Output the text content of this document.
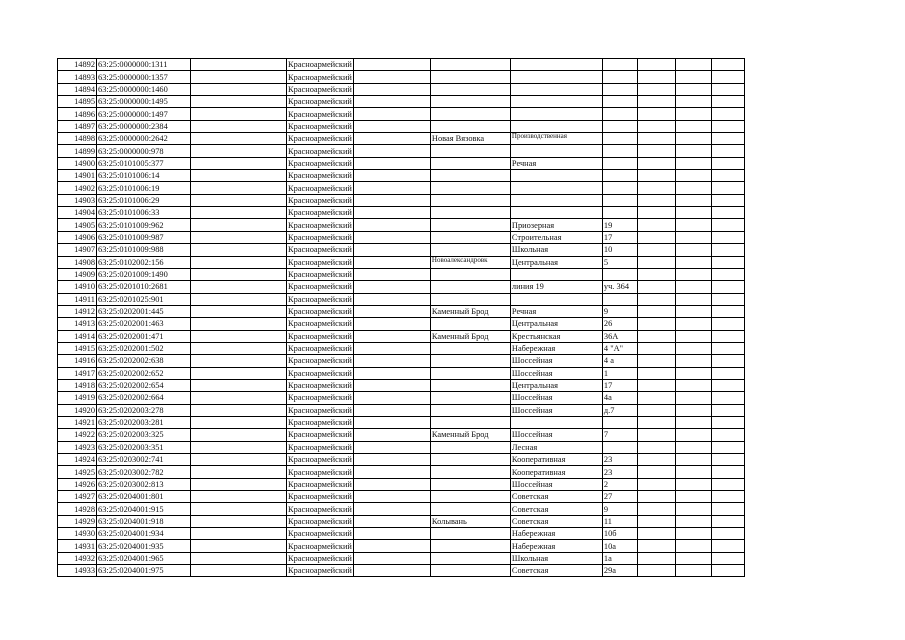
14892	63:25:0000000:1311		Красноармейский							
14893	63:25:0000000:1357		Красноармейский							
14894	63:25:0000000:1460		Красноармейский							
14895	63:25:0000000:1495		Красноармейский							
14896	63:25:0000000:1497		Красноармейский							
14897	63:25:0000000:2384		Красноармейский							
14898	63:25:0000000:2642		Красноармейский		Новая Вязовка	Производственная				
14899	63:25:0000000:978		Красноармейский							
14900	63:25:0101005:377		Красноармейский			Речная				
14901	63:25:0101006:14		Красноармейский							
14902	63:25:0101006:19		Красноармейский							
14903	63:25:0101006:29		Красноармейский							
14904	63:25:0101006:33		Красноармейский							
14905	63:25:0101009:962		Красноармейский			Приозерная	19			
14906	63:25:0101009:987		Красноармейский			Строительная	17			
14907	63:25:0101009:988		Красноармейский			Школьная	10			
14908	63:25:0102002:156		Красноармейский		Новоалександровк	Центральная	5			
14909	63:25:0201009:1490		Красноармейский							
14910	63:25:0201010:2681		Красноармейский			линия 19	уч. 364			
14911	63:25:0201025:901		Красноармейский							
14912	63:25:0202001:445		Красноармейский		Каменный Брод	Речная	9			
14913	63:25:0202001:463		Красноармейский			Центральная	26			
14914	63:25:0202001:471		Красноармейский		Каменный Брод	Крестьянская	36А			
14915	63:25:0202001:502		Красноармейский			Набережная	4 "А"			
14916	63:25:0202002:638		Красноармейский			Шоссейная	4 а			
14917	63:25:0202002:652		Красноармейский			Шоссейная	1			
14918	63:25:0202002:654		Красноармейский			Центральная	17			
14919	63:25:0202002:664		Красноармейский			Шоссейная	4а			
14920	63:25:0202003:278		Красноармейский			Шоссейная	д.7			
14921	63:25:0202003:281		Красноармейский							
14922	63:25:0202003:325		Красноармейский		Каменный Брод	Шоссейная	7			
14923	63:25:0202003:351		Красноармейский			Лесная				
14924	63:25:0203002:741		Красноармейский			Кооперативная	23			
14925	63:25:0203002:782		Красноармейский			Кооперативная	23			
14926	63:25:0203002:813		Красноармейский			Шоссейная	2			
14927	63:25:0204001:801		Красноармейский			Советская	27			
14928	63:25:0204001:915		Красноармейский			Советская	9			
14929	63:25:0204001:918		Красноармейский		Колывань	Советская	11			
14930	63:25:0204001:934		Красноармейский			Набережная	10б			
14931	63:25:0204001:935		Красноармейский			Набережная	10а			
14932	63:25:0204001:965		Красноармейский			Школьная	1а			
14933	63:25:0204001:975		Красноармейский			Советская	29а			
